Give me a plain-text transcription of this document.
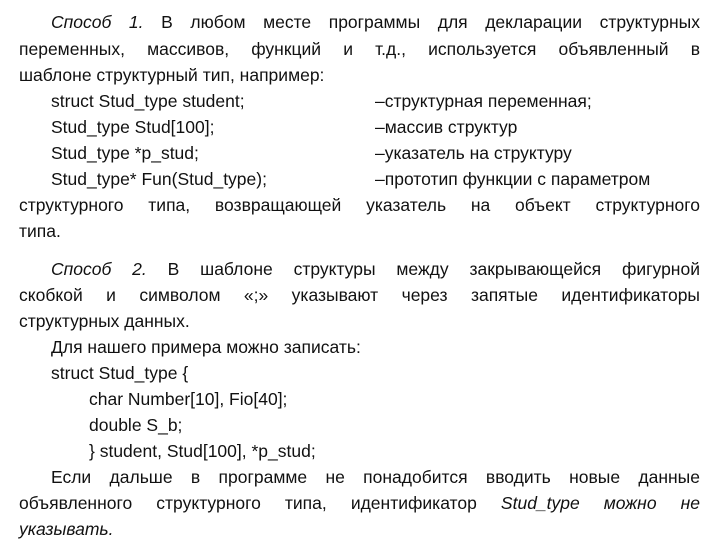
Способ 1. В любом месте программы для декларации структурных
переменных, массивов, функций и т.д., используется объявленный в
шаблоне структурный тип, например:
struct Stud_type student;	–структурная переменная;
Stud_type Stud[100];	–массив структур
Stud_type *p_stud;	–указатель на структуру
Stud_type* Fun(Stud_type);	–прототип функции с параметром
структурного типа, возвращающей указатель на объект структурного
типа.
Способ 2. В шаблоне структуры между закрывающейся фигурной
скобкой и символом «;» указывают через запятые идентификаторы
структурных данных.
Для нашего примера можно записать:
struct Stud_type {
char Number[10], Fio[40];
double S_b;
} student, Stud[100], *p_stud;
Если дальше в программе не понадобится вводить новые данные
объявленного структурного типа, идентификатор Stud_type можно не
указывать.
